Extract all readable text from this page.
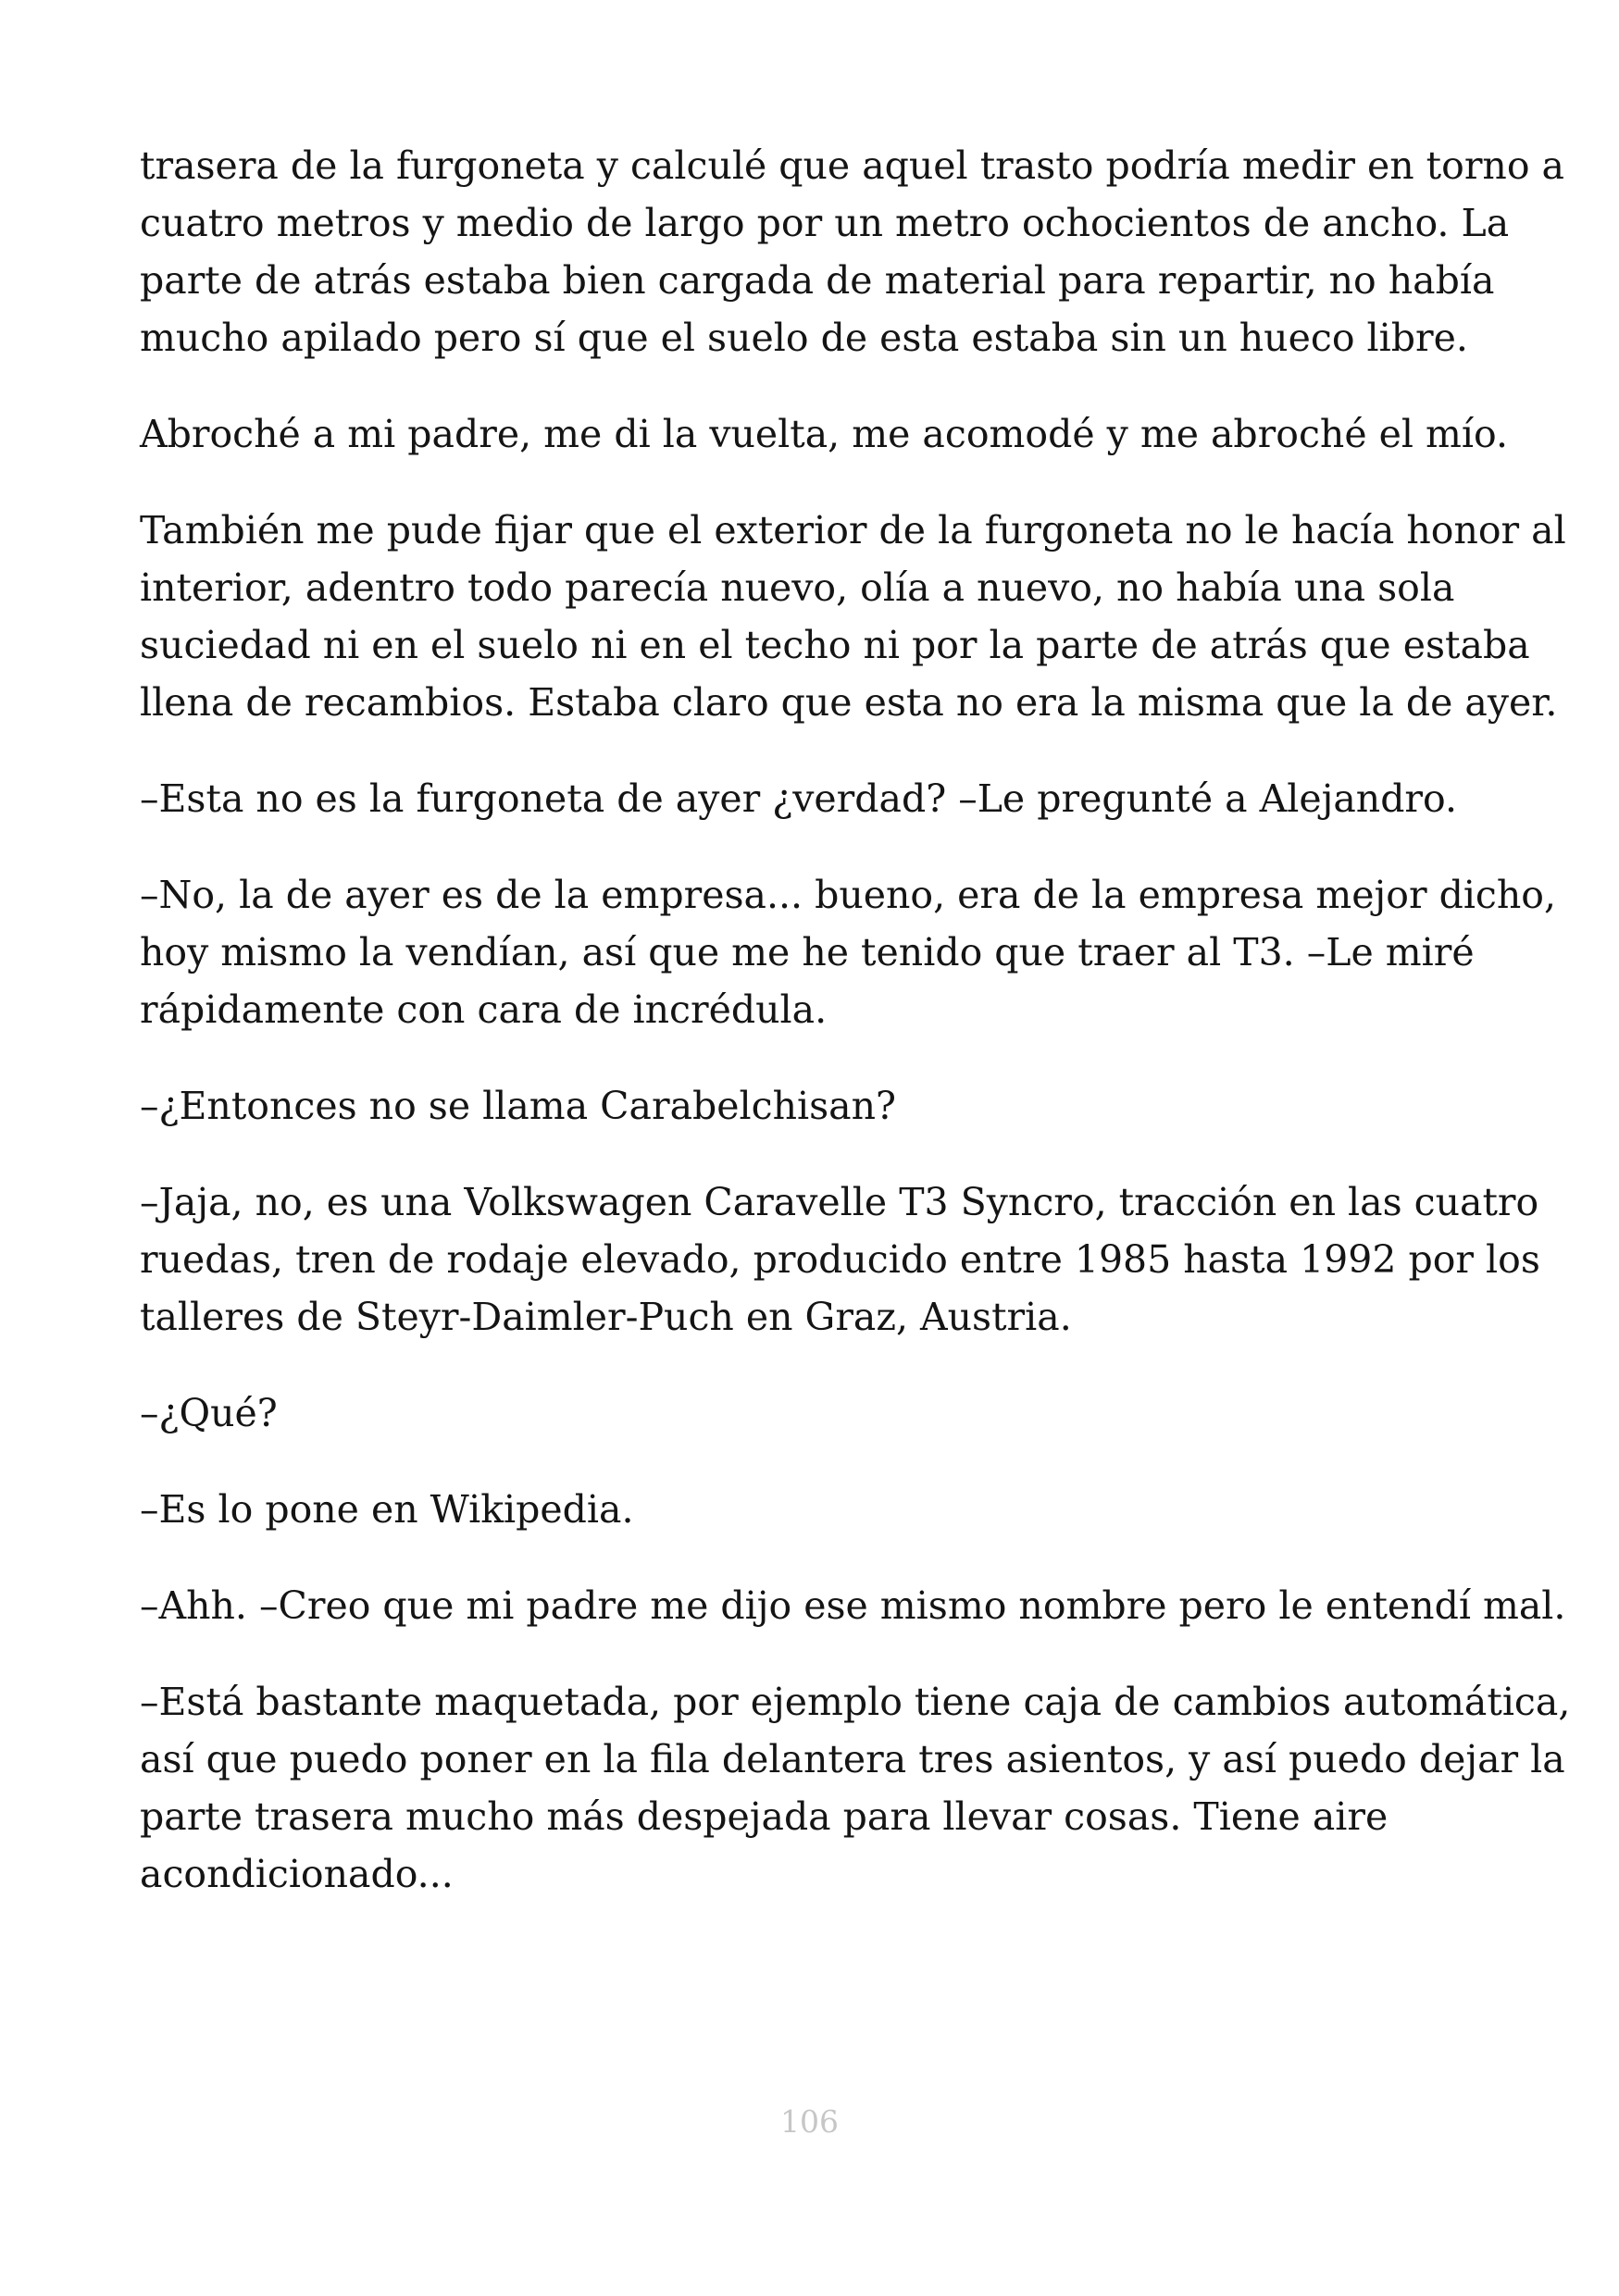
trasera de la furgoneta y calculé que aquel trasto podría medir en torno a
cuatro metros y medio de largo por un metro ochocientos de ancho. La
parte de atrás estaba bien cargada de material para repartir, no había
mucho apilado pero sí que el suelo de esta estaba sin un hueco libre.

Abroché a mi padre, me di la vuelta, me acomodé y me abroché el mío.

También me pude fijar que el exterior de la furgoneta no le hacía honor al
interior, adentro todo parecía nuevo, olía a nuevo, no había una sola
suciedad ni en el suelo ni en el techo ni por la parte de atrás que estaba
llena de recambios. Estaba claro que esta no era la misma que la de ayer.

–Esta no es la furgoneta de ayer ¿verdad? –Le pregunté a Alejandro.

–No, la de ayer es de la empresa... bueno, era de la empresa mejor dicho,
hoy mismo la vendían, así que me he tenido que traer al T3. –Le miré
rápidamente con cara de incrédula.

–¿Entonces no se llama Carabelchisan?

–Jaja, no, es una Volkswagen Caravelle T3 Syncro, tracción en las cuatro
ruedas, tren de rodaje elevado, producido entre 1985 hasta 1992 por los
talleres de Steyr-Daimler-Puch en Graz, Austria.

–¿Qué?

–Es lo pone en Wikipedia.

–Ahh. –Creo que mi padre me dijo ese mismo nombre pero le entendí mal.

–Está bastante maquetada, por ejemplo tiene caja de cambios automática,
así que puedo poner en la fila delantera tres asientos, y así puedo dejar la
parte trasera mucho más despejada para llevar cosas. Tiene aire
acondicionado...

106
